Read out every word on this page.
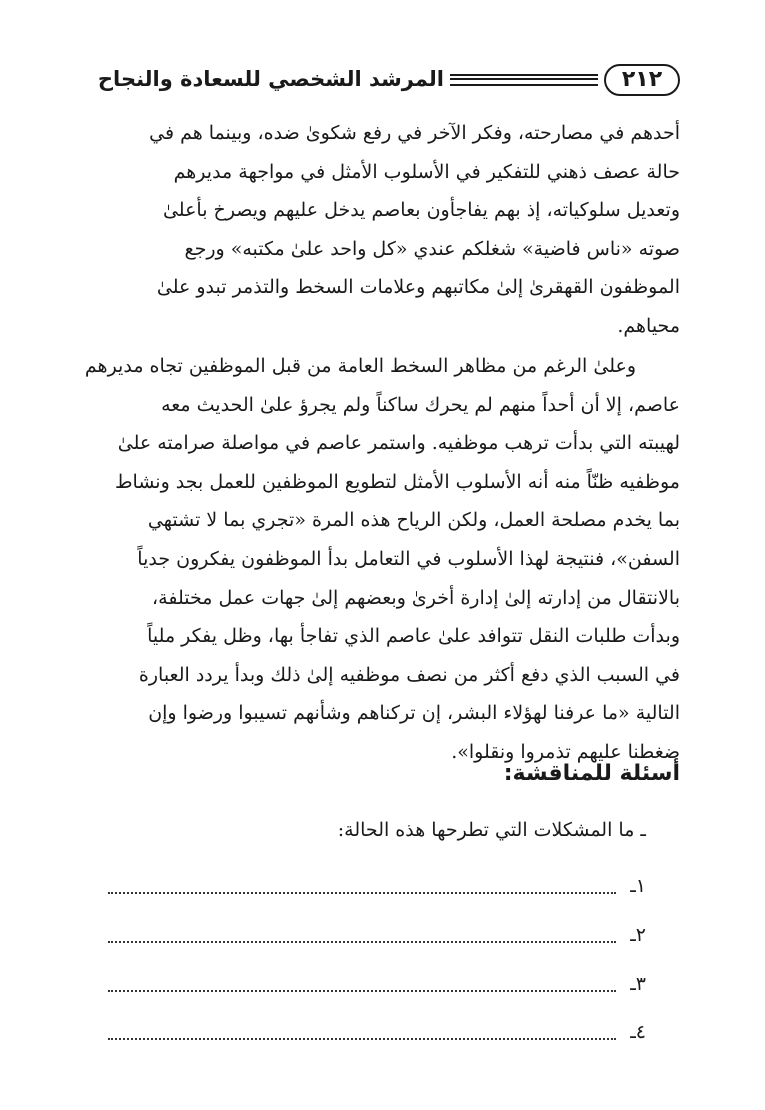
٢١٢
المرشد الشخصي للسعادة والنجاح
أحدهم في مصارحته، وفكر الآخر في رفع شكوىٰ ضده، وبينما هم في
حالة عصف ذهني للتفكير في الأسلوب الأمثل في مواجهة مديرهم
وتعديل سلوكياته، إذ بهم يفاجأون بعاصم يدخل عليهم ويصرخ بأعلىٰ
صوته «ناس فاضية» شغلكم عندي «كل واحد علىٰ مكتبه» ورجع
الموظفون القهقرىٰ إلىٰ مكاتبهم وعلامات السخط والتذمر تبدو علىٰ
محياهم.
وعلىٰ الرغم من مظاهر السخط العامة من قبل الموظفين تجاه مديرهم
عاصم، إلا أن أحداً منهم لم يحرك ساكناً ولم يجرؤ علىٰ الحديث معه
لهيبته التي بدأت ترهب موظفيه. واستمر عاصم في مواصلة صرامته علىٰ
موظفيه ظنّاً منه أنه الأسلوب الأمثل لتطويع الموظفين للعمل بجد ونشاط
بما يخدم مصلحة العمل، ولكن الرياح هذه المرة «تجري بما لا تشتهي
السفن»، فنتيجة لهذا الأسلوب في التعامل بدأ الموظفون يفكرون جدياً
بالانتقال من إدارته إلىٰ إدارة أخرىٰ وبعضهم إلىٰ جهات عمل مختلفة،
وبدأت طلبات النقل تتوافد علىٰ عاصم الذي تفاجأ بها، وظل يفكر ملياً
في السبب الذي دفع أكثر من نصف موظفيه إلىٰ ذلك وبدأ يردد العبارة
التالية «ما عرفنا لهؤلاء البشر، إن تركناهم وشأنهم تسيبوا ورضوا وإن
ضغطنا عليهم تذمروا ونقلوا».
أسئلة للمناقشة:
ـ ما المشكلات التي تطرحها هذه الحالة:
١ـ
٢ـ
٣ـ
٤ـ
